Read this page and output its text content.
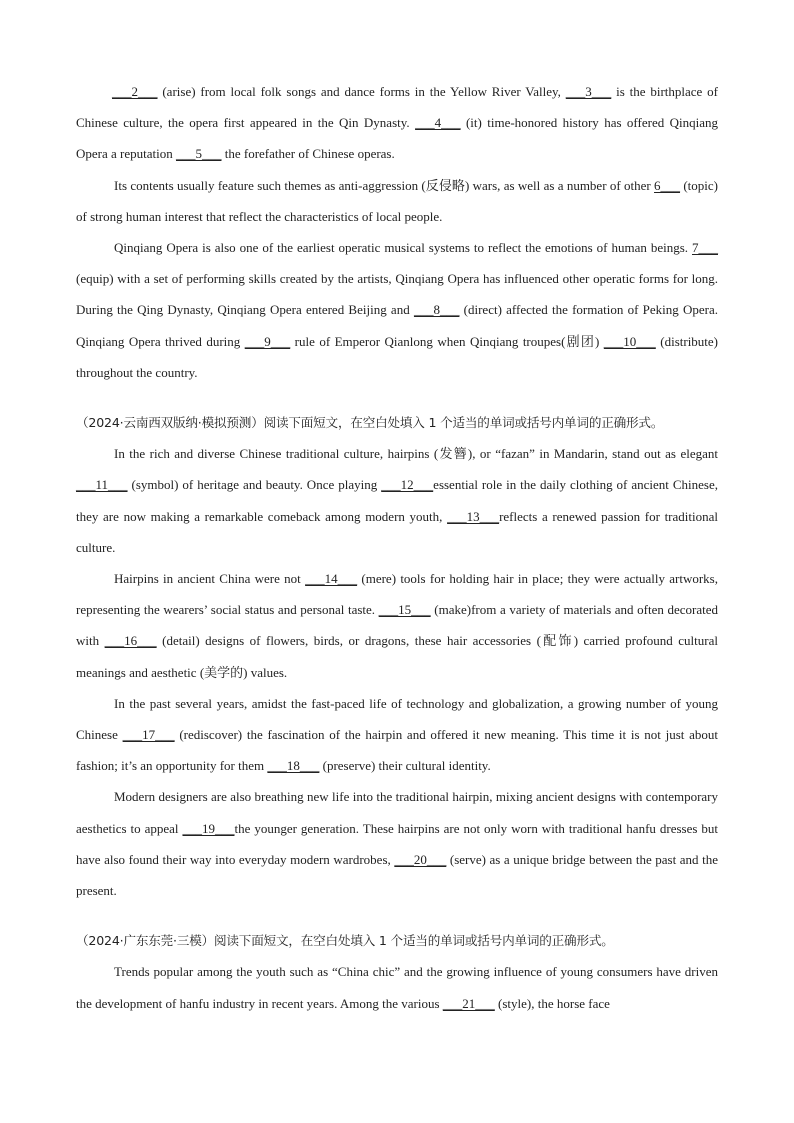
___2___ (arise) from local folk songs and dance forms in the Yellow River Valley, ___3___ is the birthplace of Chinese culture, the opera first appeared in the Qin Dynasty. ___4___ (it) time-honored history has offered Qinqiang Opera a reputation ___5___ the forefather of Chinese operas.

Its contents usually feature such themes as anti-aggression (反侵略) wars, as well as a number of other 6___ (topic) of strong human interest that reflect the characteristics of local people.

Qinqiang Opera is also one of the earliest operatic musical systems to reflect the emotions of human beings. 7___ (equip) with a set of performing skills created by the artists, Qinqiang Opera has influenced other operatic forms for long. During the Qing Dynasty, Qinqiang Opera entered Beijing and ___8___ (direct) affected the formation of Peking Opera. Qinqiang Opera thrived during ___9___ rule of Emperor Qianlong when Qinqiang troupes(剧团) ___10___ (distribute) throughout the country.

（2024·云南西双版纳·模拟预测）阅读下面短文，在空白处填入 1 个适当的单词或括号内单词的正确形式。

In the rich and diverse Chinese traditional culture, hairpins (发簪), or “fazan” in Mandarin, stand out as elegant ___11___ (symbol) of heritage and beauty. Once playing ___12___essential role in the daily clothing of ancient Chinese, they are now making a remarkable comeback among modern youth, ___13___reflects a renewed passion for traditional culture.

Hairpins in ancient China were not ___14___ (mere) tools for holding hair in place; they were actually artworks, representing the wearers’ social status and personal taste. ___15___ (make)from a variety of materials and often decorated with ___16___ (detail) designs of flowers, birds, or dragons, these hair accessories (配饰) carried profound cultural meanings and aesthetic (美学的) values.

In the past several years, amidst the fast-paced life of technology and globalization, a growing number of young Chinese ___17___ (rediscover) the fascination of the hairpin and offered it new meaning. This time it is not just about fashion; it’s an opportunity for them ___18___ (preserve) their cultural identity.

Modern designers are also breathing new life into the traditional hairpin, mixing ancient designs with contemporary aesthetics to appeal ___19___the younger generation. These hairpins are not only worn with traditional hanfu dresses but have also found their way into everyday modern wardrobes, ___20___ (serve) as a unique bridge between the past and the present.

（2024·广东东莞·三模）阅读下面短文，在空白处填入 1 个适当的单词或括号内单词的正确形式。

Trends popular among the youth such as “China chic” and the growing influence of young consumers have driven the development of hanfu industry in recent years. Among the various ___21___ (style), the horse face
